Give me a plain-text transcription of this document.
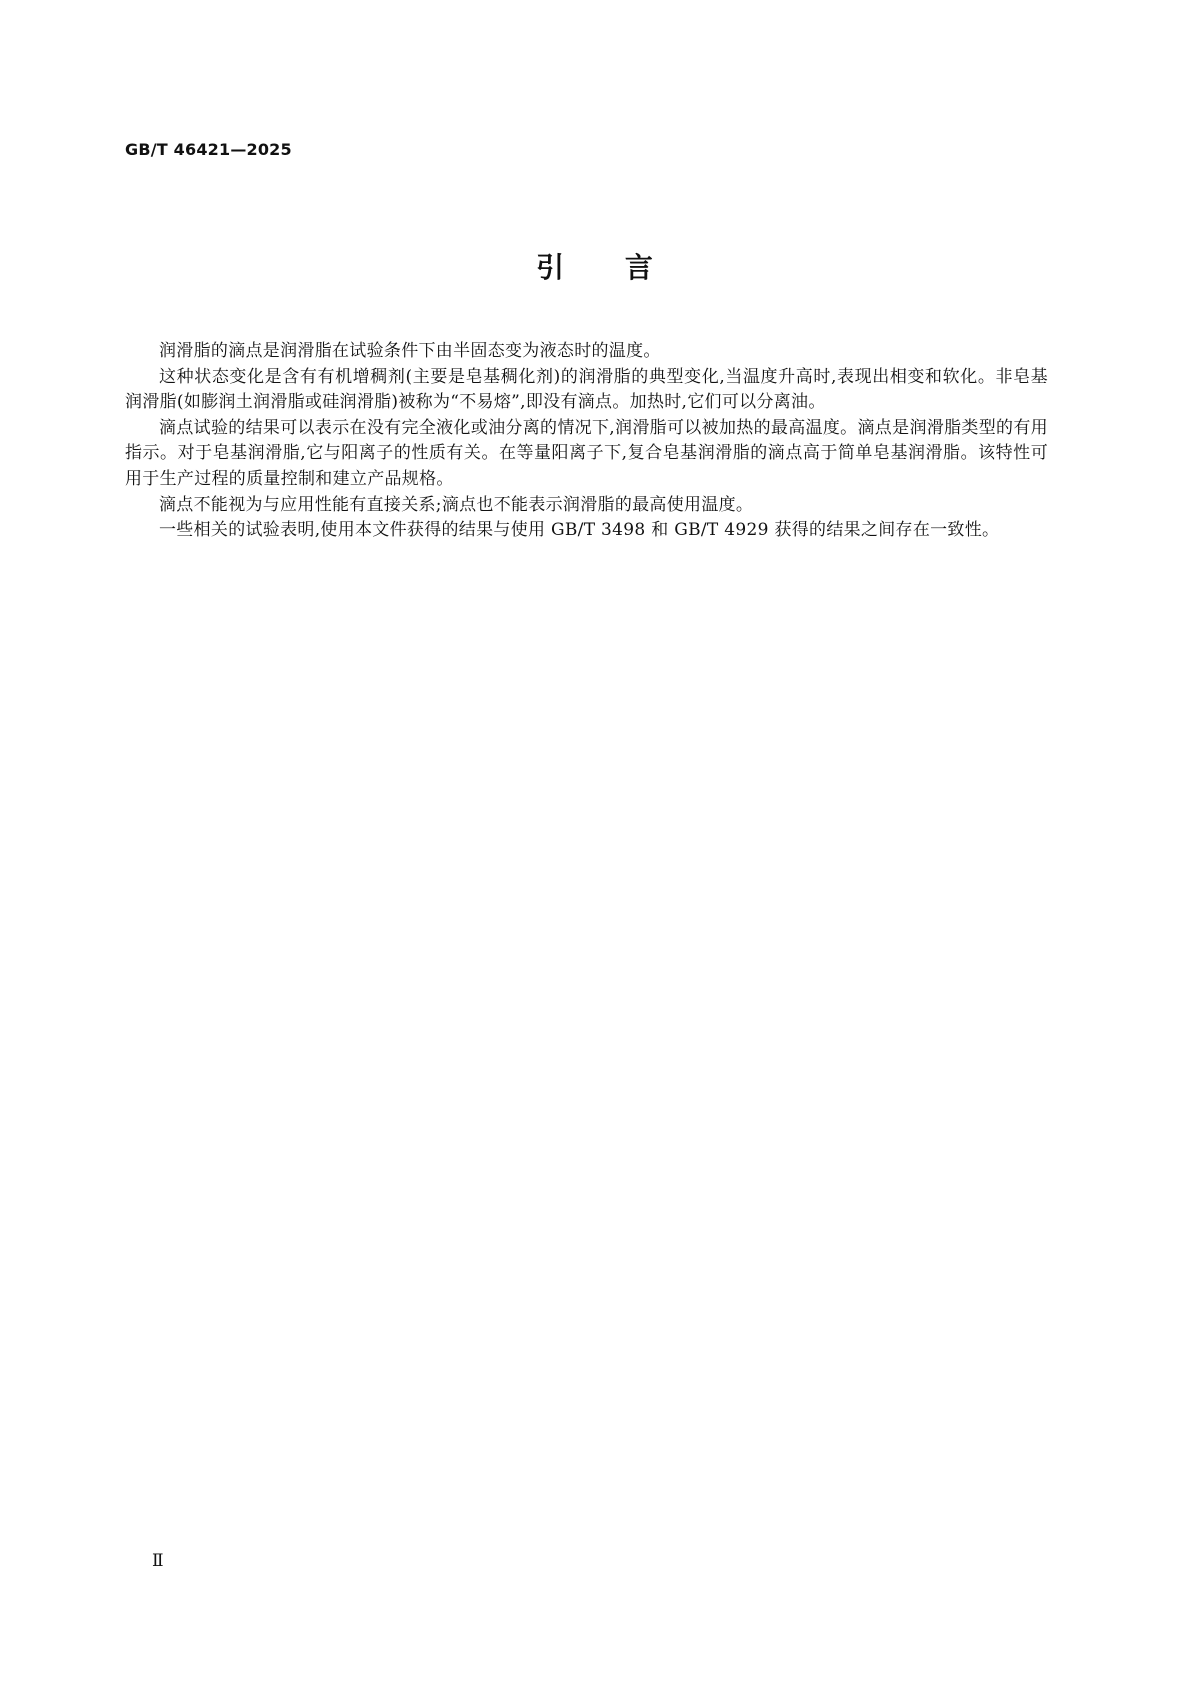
GB/T 46421—2025
引     言

润滑脂的滴点是润滑脂在试验条件下由半固态变为液态时的温度。

这种状态变化是含有有机增稠剂(主要是皂基稠化剂)的润滑脂的典型变化,当温度升高时,表现出相变和软化。非皂基润滑脂(如膨润土润滑脂或硅润滑脂)被称为“不易熔”,即没有滴点。加热时,它们可以分离油。

滴点试验的结果可以表示在没有完全液化或油分离的情况下,润滑脂可以被加热的最高温度。滴点是润滑脂类型的有用指示。对于皂基润滑脂,它与阳离子的性质有关。在等量阳离子下,复合皂基润滑脂的滴点高于简单皂基润滑脂。该特性可用于生产过程的质量控制和建立产品规格。

滴点不能视为与应用性能有直接关系;滴点也不能表示润滑脂的最高使用温度。

一些相关的试验表明,使用本文件获得的结果与使用 GB/T 3498 和 GB/T 4929 获得的结果之间存在一致性。

Ⅱ
